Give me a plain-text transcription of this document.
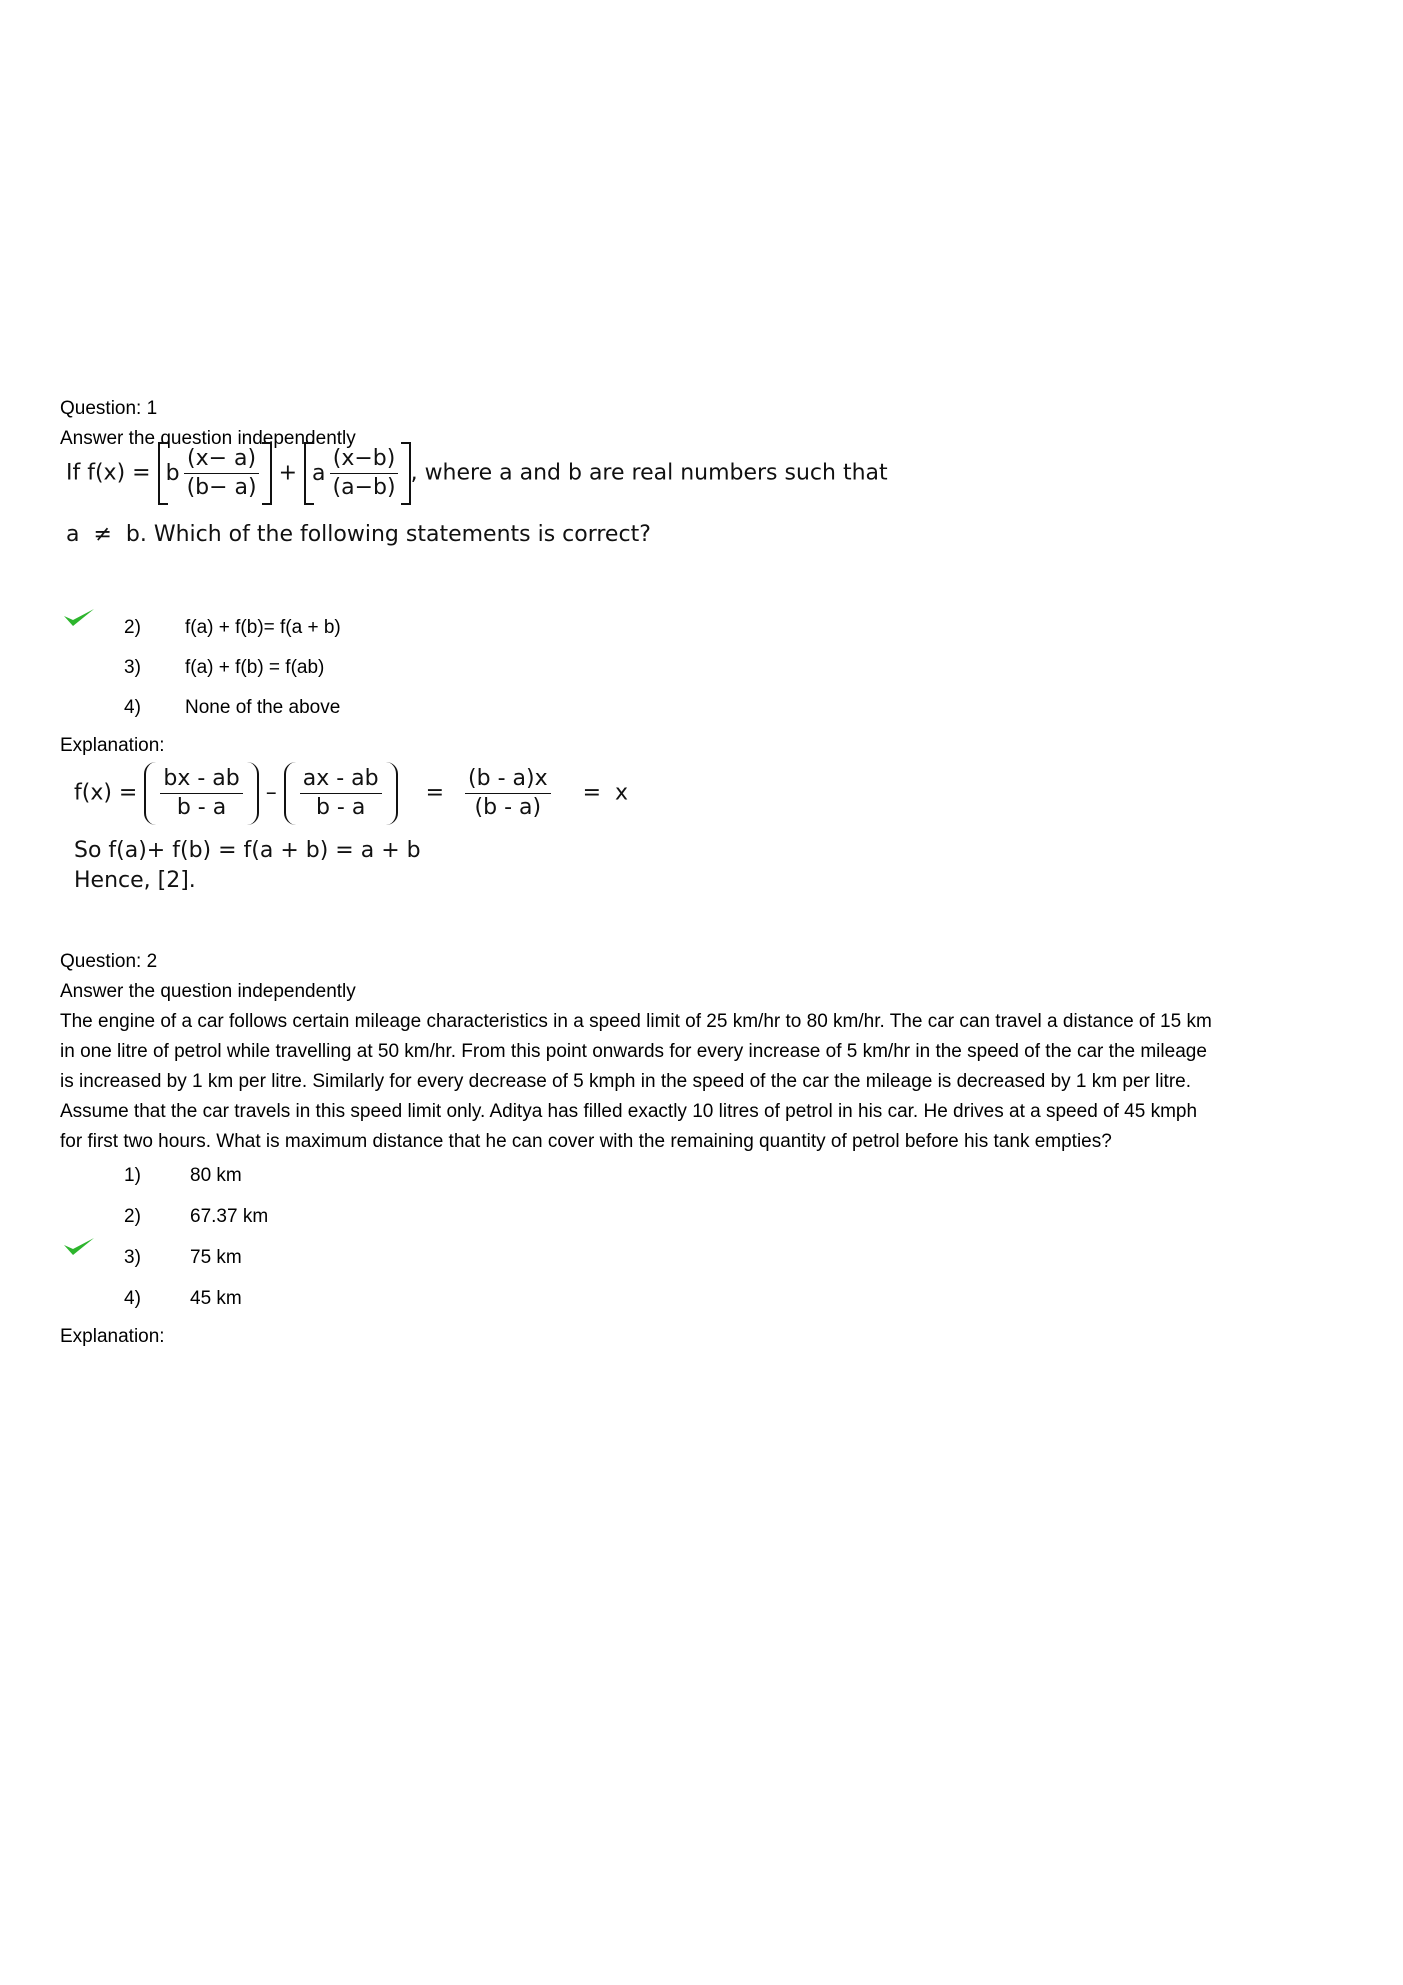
Question: 1
Answer the question independently
If f(x) = b $\frac{(x- a)}{(b- a)} + a \frac{(x-b)}{(a-b)}$ , where a and b are real numbers such that
a  ≠  b. Which of the following statements is correct?
2)	f(a) + f(b)= f(a + b)
3)	f(a) + f(b) = f(ab)
4)	None of the above
Explanation:
$f(x) = \frac{bx - ab}{b - a} - \frac{ax - ab}{b - a} = \frac{(b - a)x}{(b - a)} = x$
So f(a)+ f(b) = f(a + b) = a + b
Hence, [2].
Question: 2
Answer the question independently
The engine of a car follows certain mileage characteristics in a speed limit of 25 km/hr to 80 km/hr. The car can travel a distance of 15 km
in one litre of petrol while travelling at 50 km/hr. From this point onwards for every increase of 5 km/hr in the speed of the car the mileage
is increased by 1 km per litre. Similarly for every decrease of 5 kmph in the speed of the car the mileage is decreased by 1 km per litre.
Assume that the car travels in this speed limit only. Aditya has filled exactly 10 litres of petrol in his car. He drives at a speed of 45 kmph
for first two hours. What is maximum distance that he can cover with the remaining quantity of petrol before his tank empties?
1)	80 km
2)	67.37 km
3)	75 km
4)	45 km
Explanation:
